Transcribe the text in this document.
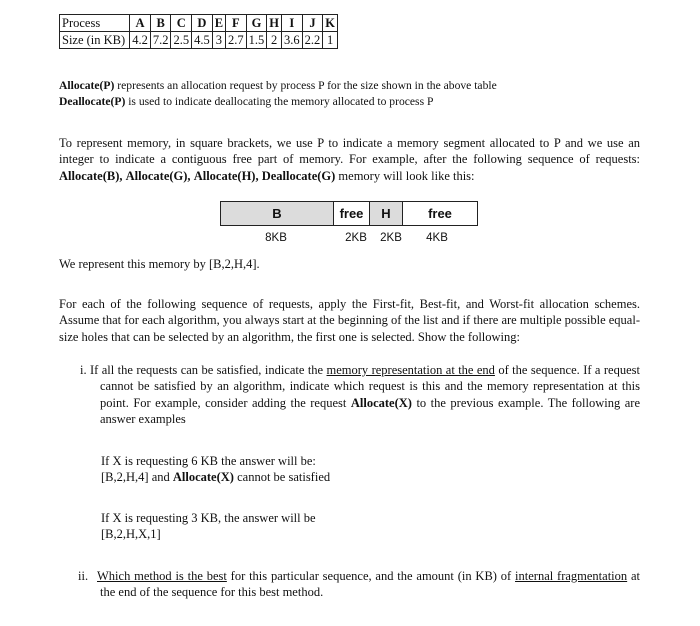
Process	A	B	C	D	E	F	G	H	I	J	K
Size (in KB)	4.2	7.2	2.5	4.5	3	2.7	1.5	2	3.6	2.2	1
Allocate(P) represents an allocation request by process P for the size shown in the above table
Deallocate(P) is used to indicate deallocating the memory allocated to process P
To represent memory, in square brackets, we use P to indicate a memory segment allocated to P and we use an integer to indicate a contiguous free part of memory. For example, after the following sequence of requests: Allocate(B), Allocate(G), Allocate(H), Deallocate(G) memory will look like this:
B	free	H	free
8KB	2KB	2KB	4KB
We represent this memory by [B,2,H,4].
For each of the following sequence of requests, apply the First-fit, Best-fit, and Worst-fit allocation schemes. Assume that for each algorithm, you always start at the beginning of the list and if there are multiple possible equal-size holes that can be selected by an algorithm, the first one is selected. Show the following:
i. If all the requests can be satisfied, indicate the memory representation at the end of the sequence. If a request cannot be satisfied by an algorithm, indicate which request is this and the memory representation at this point. For example, consider adding the request Allocate(X) to the previous example. The following are answer examples
If X is requesting 6 KB the answer will be:
[B,2,H,4] and Allocate(X) cannot be satisfied
If X is requesting 3 KB, the answer will be
[B,2,H,X,1]
ii. Which method is the best for this particular sequence, and the amount (in KB) of internal fragmentation at the end of the sequence for this best method.
